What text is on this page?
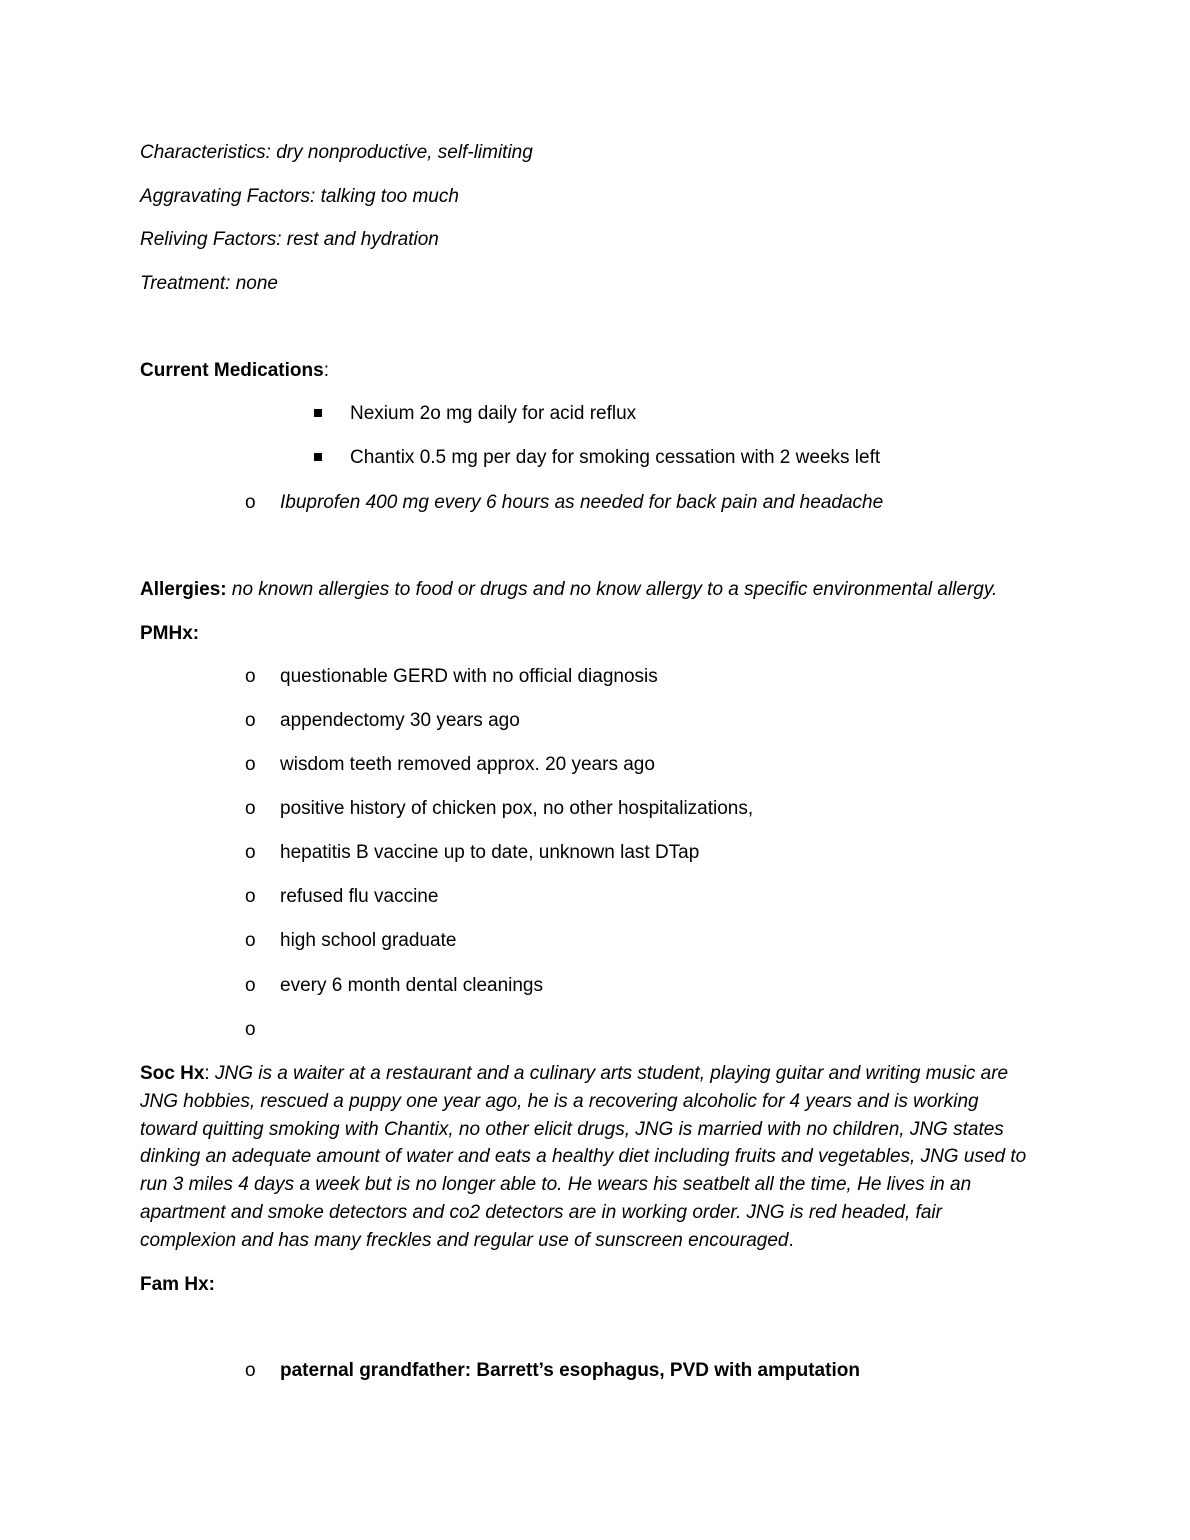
Characteristics: dry nonproductive, self-limiting
Aggravating Factors: talking too much
Reliving Factors: rest and hydration
Treatment: none
Current Medications:
Nexium 2o mg daily for acid reflux
Chantix 0.5 mg per day for smoking cessation with 2 weeks left
o Ibuprofen 400 mg every 6 hours as needed for back pain and headache
Allergies: no known allergies to food or drugs and no know allergy to a specific environmental allergy.
PMHx:
o questionable GERD with no official diagnosis
o appendectomy 30 years ago
o wisdom teeth removed approx. 20 years ago
o positive history of chicken pox, no other hospitalizations,
o hepatitis B vaccine up to date, unknown last DTap
o refused flu vaccine
o high school graduate
o every 6 month dental cleanings
o
Soc Hx: JNG is a waiter at a restaurant and a culinary arts student, playing guitar and writing music are JNG hobbies, rescued a puppy one year ago, he is a recovering alcoholic for 4 years and is working toward quitting smoking with Chantix, no other elicit drugs, JNG is married with no children, JNG states dinking an adequate amount of water and eats a healthy diet including fruits and vegetables, JNG used to run 3 miles 4 days a week but is no longer able to. He wears his seatbelt all the time, He lives in an apartment and smoke detectors and co2 detectors are in working order. JNG is red headed, fair complexion and has many freckles and regular use of sunscreen encouraged.
Fam Hx:
o paternal grandfather: Barrett’s esophagus, PVD with amputation
